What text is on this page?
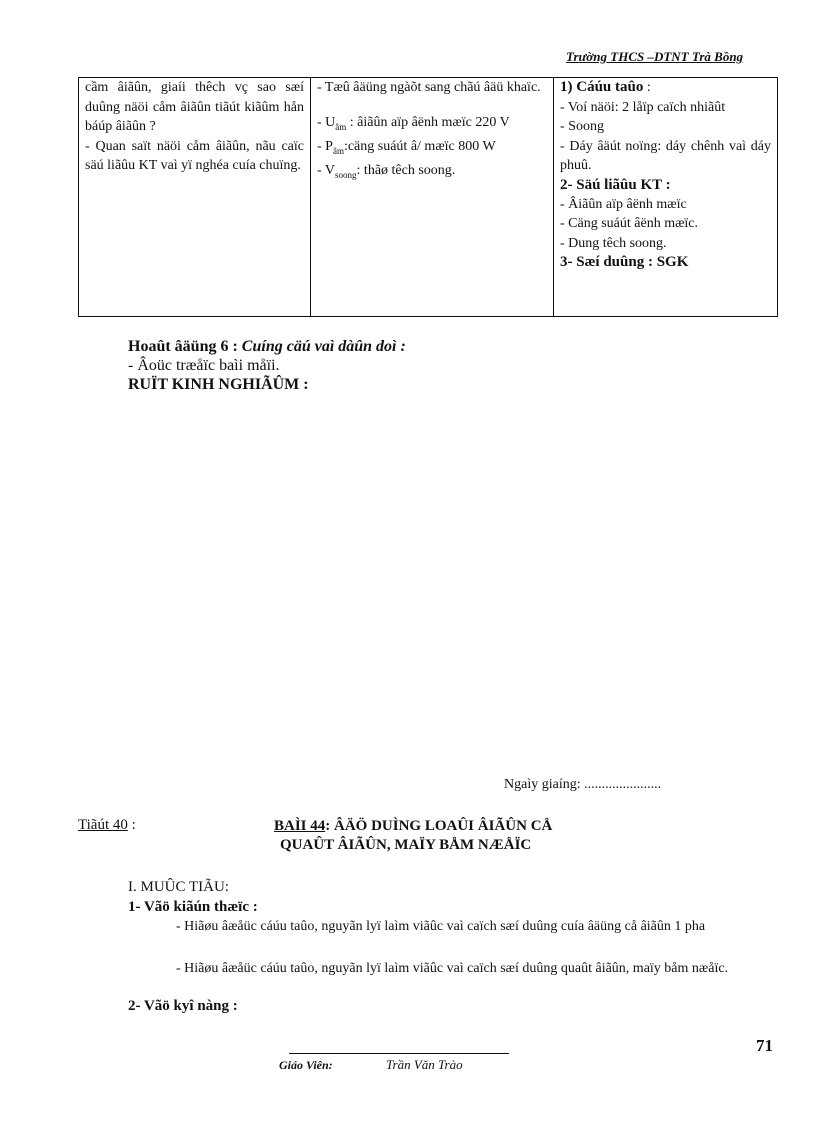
Trường THCS –DTNT Trà Bồng
cầm âiãûn, giaíi thêch vç sao sæí duûng näöi cåm âiãûn tiãút kiãûm hån báúp âiãûn ?
- Quan saït näöi cåm âiãûn, nãu caïc säú liãûu KT vaì yï nghéa cuía chuïng.

- Tæû âäüng ngàõt sang chãú âäü khaïc.
- $U_{âm}$ : âiãûn aïp âënh mæïc 220 V
- $P_{âm}:cäng$ suáút â/ mæïc 800 W
- $V_{soong}$: thãø têch soong.

1) Cáúu taûo :
- Voí näöi: 2 låïp caïch nhiãût
- Soong
- Dáy âäút noïng: dáy chênh vaì dáy phuû.
2- Säú liãûu KT :
- Âiãûn aïp âënh mæïc
- Cäng suáút âënh mæïc.
- Dung têch soong.
3- Sæí duûng : SGK
Hoaût âäüng 6 : Cuíng cäú vaì dàûn doì :
- Âoüc træåïc baìi måïi.
RUÏT KINH NGHIÃÛM :
Ngaìy giaíng: ......................
Tiãút 40 :	BAÌI 44: ÂÄÖ DUÌNG LOAÛI ÂIÃÛN CÅ
QUAÛT ÂIÃÛN, MAÏY BÅM NÆÅÏC
I. MUÛC TIÃU:
1- Vãö kiãún thæïc :
- Hiãøu âæåüc cáúu taûo, nguyãn lyï laìm viãûc vaì caïch sæí duûng cuía âäüng cå âiãûn 1 pha
- Hiãøu âæåüc cáúu taûo, nguyãn lyï laìm viãûc vaì caïch sæí duûng quaût âiãûn, maïy båm næåïc.
2- Vãö kyî nàng :
71
Giáo Viên:	Trần Văn Trào
